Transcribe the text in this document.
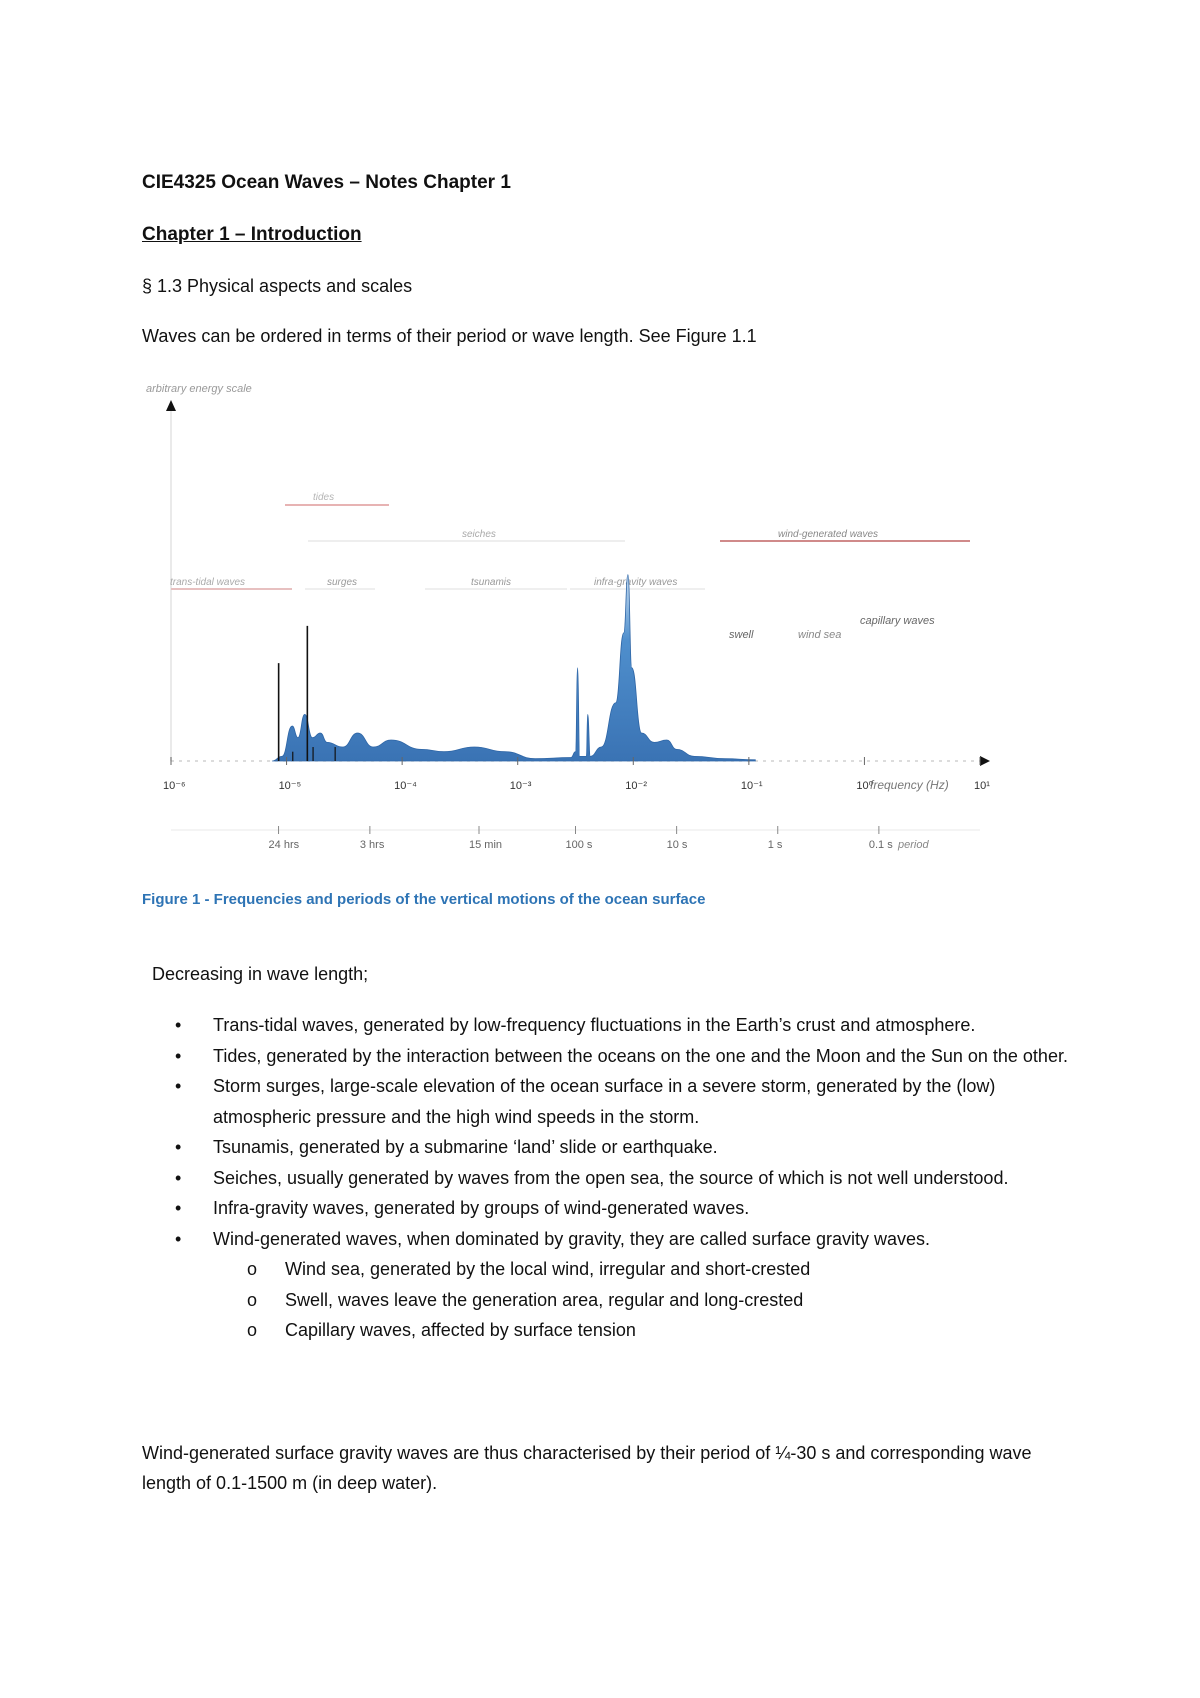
CIE4325 Ocean Waves – Notes Chapter 1
Chapter 1 – Introduction
§ 1.3 Physical aspects and scales
Waves can be ordered in terms of their period or wave length. See Figure 1.1
arbitrary energy scale
frequency (Hz)
tides
seiches	wind-generated waves
trans-tidal waves	surges	tsunamis	infra-gravity waves
swell	wind sea
capillary waves
10⁻⁶	10⁻⁵	10⁻⁴	10⁻³	10⁻²	10⁻¹	10⁰	10¹
24 hrs	3 hrs	15 min	100 s	10 s	1 s	0.1 s period
Figure 1 - Frequencies and periods of the vertical motions of the ocean surface
Decreasing in wave length;
•	Trans-tidal waves, generated by low-frequency fluctuations in the Earth’s crust and atmosphere.
•	Tides, generated by the interaction between the oceans on the one and the Moon and the Sun on the other.
•	Storm surges, large-scale elevation of the ocean surface in a severe storm, generated by the (low) atmospheric pressure and the high wind speeds in the storm.
•	Tsunamis, generated by a submarine ‘land’ slide or earthquake.
•	Seiches, usually generated by waves from the open sea, the source of which is not well understood.
•	Infra-gravity waves, generated by groups of wind-generated waves.
•	Wind-generated waves, when dominated by gravity, they are called surface gravity waves.
o	Wind sea, generated by the local wind, irregular and short-crested
o	Swell, waves leave the generation area, regular and long-crested
o	Capillary waves, affected by surface tension
Wind-generated surface gravity waves are thus characterised by their period of ¼-30 s and corresponding wave length of 0.1-1500 m (in deep water).
